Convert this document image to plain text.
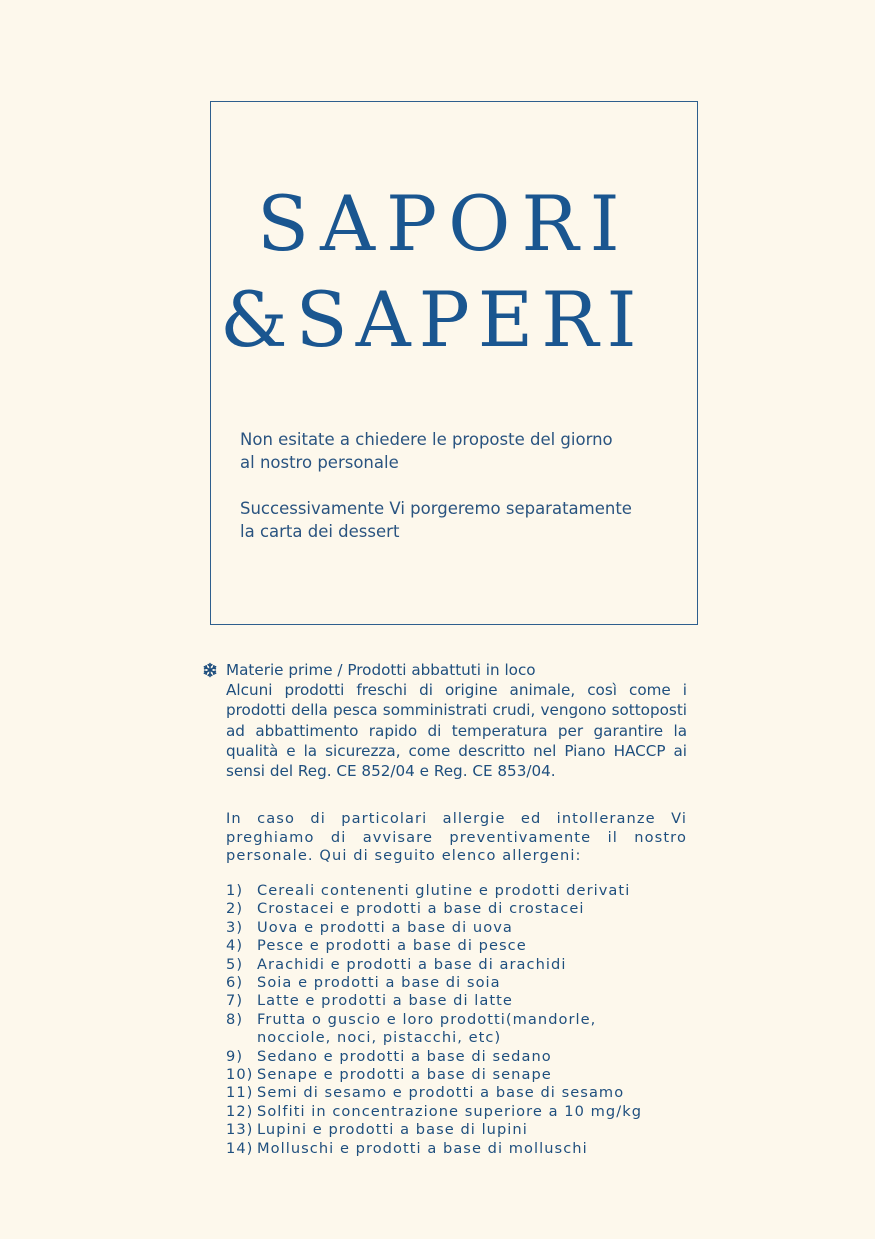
SAPORI
&SAPERI

Non esitate a chiedere le proposte del giorno
al nostro personale

Successivamente Vi porgeremo separatamente
la carta dei dessert

Materie prime / Prodotti abbattuti in loco

Alcuni prodotti freschi di origine animale, così come i prodotti della pesca somministrati crudi, vengono sottoposti ad abbattimento rapido di temperatura per garantire la qualità e la sicurezza, come descritto nel Piano HACCP ai sensi del Reg. CE 852/04 e Reg. CE 853/04.

In caso di particolari allergie ed intolleranze Vi preghiamo di avvisare preventivamente il nostro personale. Qui di seguito elenco allergeni:

1) Cereali contenenti glutine e prodotti derivati
2) Crostacei e prodotti a base di crostacei
3) Uova e prodotti a base di uova
4) Pesce e prodotti a base di pesce
5) Arachidi e prodotti a base di arachidi
6) Soia e prodotti a base di soia
7) Latte e prodotti a base di latte
8) Frutta o guscio e loro prodotti(mandorle,
nocciole, noci, pistacchi, etc)
9) Sedano e prodotti a base di sedano
10) Senape e prodotti a base di senape
11) Semi di sesamo e prodotti a base di sesamo
12) Solfiti in concentrazione superiore a 10 mg/kg
13) Lupini e prodotti a base di lupini
14) Molluschi e prodotti a base di molluschi
